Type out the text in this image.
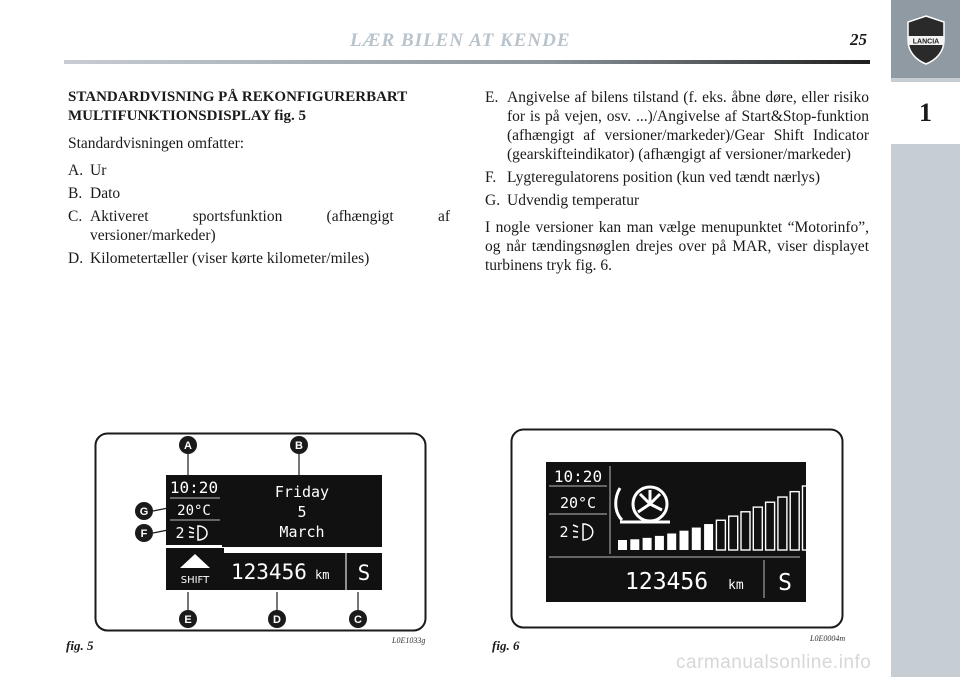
LÆR BILEN AT KENDE	25	LANCIA
1
STANDARDVISNING PÅ REKONFIGURERBART
MULTIFUNKTIONSDISPLAY fig. 5
Standardvisningen omfatter:
A. Ur
B. Dato
C. Aktiveret sportsfunktion (afhængigt af versioner/markeder)
D. Kilometertæller (viser kørte kilometer/miles)
E. Angivelse af bilens tilstand (f. eks. åbne døre, eller risiko for is på vejen, osv. ...)/Angivelse af Start&Stop-funktion (afhængigt af versioner/markeder)/Gear Shift Indicator (gearskifteindikator) (afhængigt af versioner/markeder)
F. Lygteregulatorens position (kun ved tændt nærlys)
G. Udvendig temperatur
I nogle versioner kan man vælge menupunktet “Motorinfo”, og når tændingsnøglen drejes over på MAR, viser displayet turbinens tryk fig. 6.
10:20
20°C
2
SHIFT
Friday
5
March
123456 km S
A	B
C
D
E
F
G
fig. 5	L0E1033g
10:20
20°C
2
123456 km S
fig. 6	L0E0004m
carmanualsonline.info
